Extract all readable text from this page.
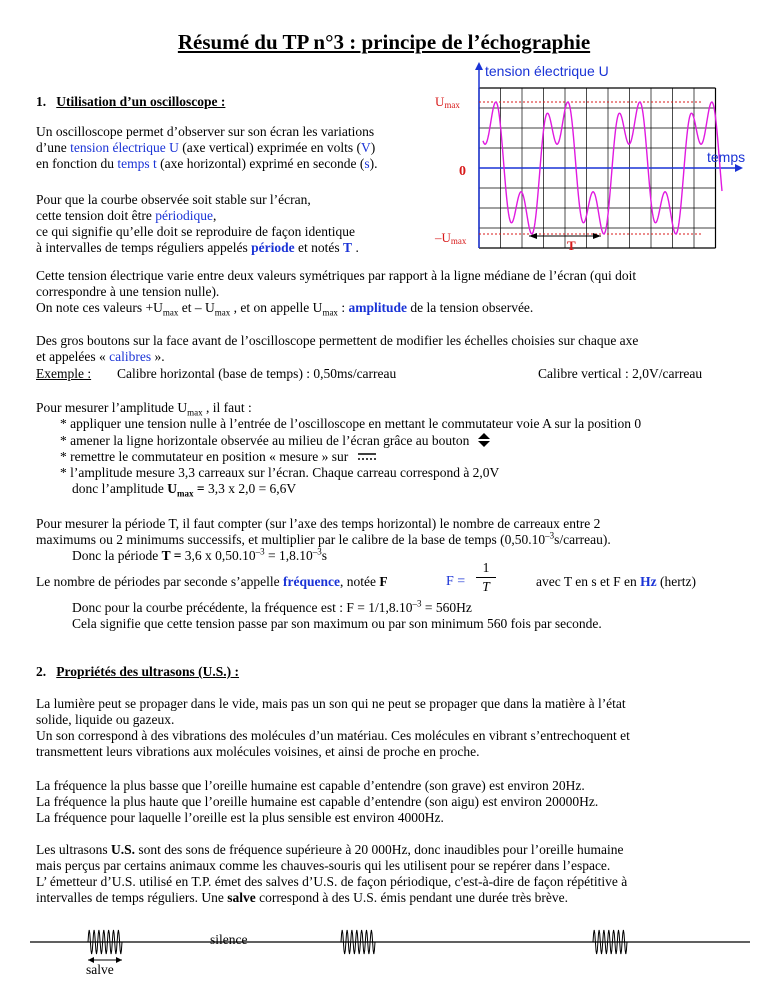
Résumé du TP n°3 : principe de l’échographie

1. Utilisation d’un oscilloscope :

Un oscilloscope permet d’observer sur son écran les variations

d’une tension électrique U (axe vertical) exprimée en volts (V)

en fonction du temps t (axe horizontal) exprimé en seconde (s).

Pour que la courbe observée soit stable sur l’écran,

cette tension doit être périodique,

ce qui signifie qu’elle doit se reproduire de façon identique

à intervalles de temps réguliers appelés période et notés T .

tension électrique U
temps
Umax
0
–Umax	T

Cette tension électrique varie entre deux valeurs symétriques par rapport à la ligne médiane de l’écran (qui doit

correspondre à une tension nulle).

On note ces valeurs $+U_{max}$ et – $U_{max}$ , et on appelle $U_{max}$ : amplitude de la tension observée.

Des gros boutons sur la face avant de l’oscilloscope permettent de modifier les échelles choisies sur chaque axe

et appelées « calibres ».

Exemple : Calibre horizontal (base de temps) : 0,50ms/carreau	Calibre vertical : 2,0V/carreau

Pour mesurer l’amplitude $U_{max}$ , il faut :

* appliquer une tension nulle à l’entrée de l’oscilloscope en mettant le commutateur voie A sur la position 0

* amener la ligne horizontale observée au milieu de l’écran grâce au bouton

* remettre le commutateur en position « mesure » sur

* l’amplitude mesure 3,3 carreaux sur l’écran. Chaque carreau correspond à 2,0V

donc l’amplitude $U_{max} = 3,3$ x 2,0 = 6,6V

Pour mesurer la période T, il faut compter (sur l’axe des temps horizontal) le nombre de carreaux entre 2

maximums ou 2 minimums successifs, et multiplier par le calibre de la base de temps $(0,50.10^{-3}s/carreau)$.

Donc la période T = 3,6 x $0,50.10^{-3} = 1,8.10^{-3}s$

Le nombre de périodes par seconde s’appelle fréquence, notée F	F =
1
T	avec T en s et F en Hz (hertz)

Donc pour la courbe précédente, la fréquence est : $F = 1/1,8.10^{-3} = 560Hz$

Cela signifie que cette tension passe par son maximum ou par son minimum 560 fois par seconde.

2. Propriétés des ultrasons (U.S.) :

La lumière peut se propager dans le vide, mais pas un son qui ne peut se propager que dans la matière à l’état

solide, liquide ou gazeux.

Un son correspond à des vibrations des molécules d’un matériau. Ces molécules en vibrant s’entrechoquent et

transmettent leurs vibrations aux molécules voisines, et ainsi de proche en proche.

La fréquence la plus basse que l’oreille humaine est capable d’entendre (son grave) est environ 20Hz.

La fréquence la plus haute que l’oreille humaine est capable d’entendre (son aigu) est environ 20000Hz.

La fréquence pour laquelle l’oreille est la plus sensible est environ 4000Hz.

Les ultrasons U.S. sont des sons de fréquence supérieure à 20 000Hz, donc inaudibles pour l’oreille humaine

mais perçus par certains animaux comme les chauves-souris qui les utilisent pour se repérer dans l’espace.

L’ émetteur d’U.S. utilisé en T.P. émet des salves d’U.S. de façon périodique, c'est-à-dire de façon répétitive à

intervalles de temps réguliers. Une salve correspond à des U.S. émis pendant une durée très brève.

silence
salve
